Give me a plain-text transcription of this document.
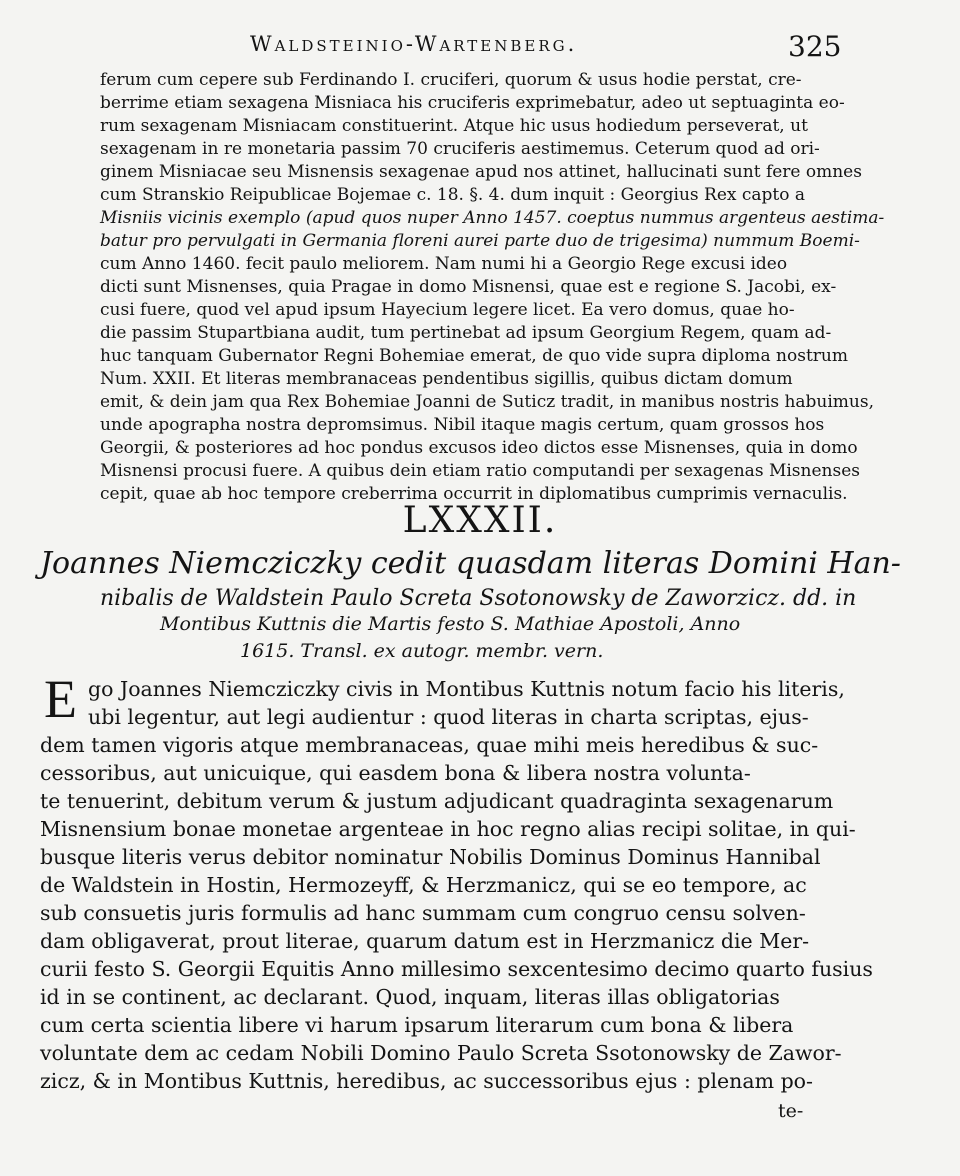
Waldsteinio-Wartenberg.	325
ferum cum cepere sub Ferdinando I. cruciferi, quorum & usus hodie perstat, cre-
berrime etiam sexagena Misniaca his cruciferis exprimebatur, adeo ut septuaginta eo-
rum sexagenam Misniacam constituerint. Atque hic usus hodiedum perseverat, ut
sexagenam in re monetaria passim 70 cruciferis aestimemus. Ceterum quod ad ori-
ginem Misniacae seu Misnensis sexagenae apud nos attinet, hallucinati sunt fere omnes
cum Stranskio Reipublicae Bojemae c. 18. §. 4. dum inquit : Georgius Rex capto a
Misniis vicinis exemplo (apud quos nuper Anno 1457. coeptus nummus argenteus aestima-
batur pro pervulgati in Germania floreni aurei parte duo de trigesima) nummum Boemi-
cum Anno 1460. fecit paulo meliorem. Nam numi hi a Georgio Rege excusi ideo
dicti sunt Misnenses, quia Pragae in domo Misnensi, quae est e regione S. Jacobi, ex-
cusi fuere, quod vel apud ipsum Hayecium legere licet. Ea vero domus, quae ho-
die passim Stupartbiana audit, tum pertinebat ad ipsum Georgium Regem, quam ad-
huc tanquam Gubernator Regni Bohemiae emerat, de quo vide supra diploma nostrum
Num. XXII. Et literas membranaceas pendentibus sigillis, quibus dictam domum
emit, & dein jam qua Rex Bohemiae Joanni de Suticz tradit, in manibus nostris habuimus,
unde apographa nostra depromsimus. Nibil itaque magis certum, quam grossos hos
Georgii, & posteriores ad hoc pondus excusos ideo dictos esse Misnenses, quia in domo
Misnensi procusi fuere. A quibus dein etiam ratio computandi per sexagenas Misnenses
cepit, quae ab hoc tempore creberrima occurrit in diplomatibus cumprimis vernaculis.
LXXXII.
Joannes Niemcziczky cedit quasdam literas Domini Han-
nibalis de Waldstein Paulo Screta Ssotonowsky de Zaworzicz. dd. in
Montibus Kuttnis die Martis festo S. Mathiae Apostoli, Anno
1615. Transl. ex autogr. membr. vern.
E go Joannes Niemcziczky civis in Montibus Kuttnis notum facio his literis,
ubi legentur, aut legi audientur : quod literas in charta scriptas, ejus-
dem tamen vigoris atque membranaceas, quae mihi meis heredibus & suc-
cessoribus, aut unicuique, qui easdem bona & libera nostra volunta-
te tenuerint, debitum verum & justum adjudicant quadraginta sexagenarum
Misnensium bonae monetae argenteae in hoc regno alias recipi solitae, in qui-
busque literis verus debitor nominatur Nobilis Dominus Dominus Hannibal
de Waldstein in Hostin, Hermozeyff, & Herzmanicz, qui se eo tempore, ac
sub consuetis juris formulis ad hanc summam cum congruo censu solven-
dam obligaverat, prout literae, quarum datum est in Herzmanicz die Mer-
curii festo S. Georgii Equitis Anno millesimo sexcentesimo decimo quarto fusius
id in se continent, ac declarant. Quod, inquam, literas illas obligatorias
cum certa scientia libere vi harum ipsarum literarum cum bona & libera
voluntate dem ac cedam Nobili Domino Paulo Screta Ssotonowsky de Zawor-
zicz, & in Montibus Kuttnis, heredibus, ac successoribus ejus : plenam po-
te-
